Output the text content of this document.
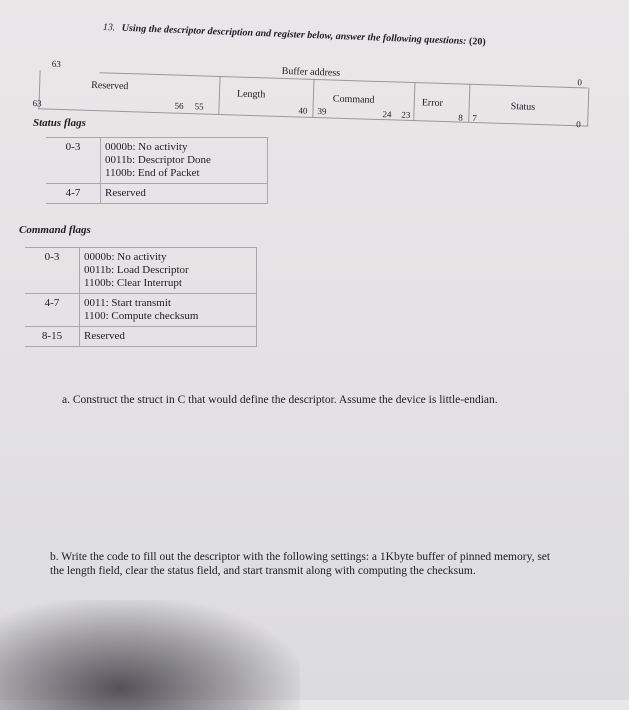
13. Using the descriptor description and register below, answer the following questions: (20)
63
0
Buffer address
Reserved
Length	Command	Error	Status
63	56 55	40 39	24 23	8 7
0
Status flags
0-3	0000b: No activity
0011b: Descriptor Done
1100b: End of Packet

4-7	Reserved
Command flags
0-3	0000b: No activity
0011b: Load Descriptor
1100b: Clear Interrupt

4-7	0011: Start transmit
1100: Compute checksum

8-15	Reserved
a. Construct the struct in C that would define the descriptor. Assume the device is little-endian.
b. Write the code to fill out the descriptor with the following settings: a 1Kbyte buffer of pinned memory, set the length field, clear the status field, and start transmit along with computing the checksum.
